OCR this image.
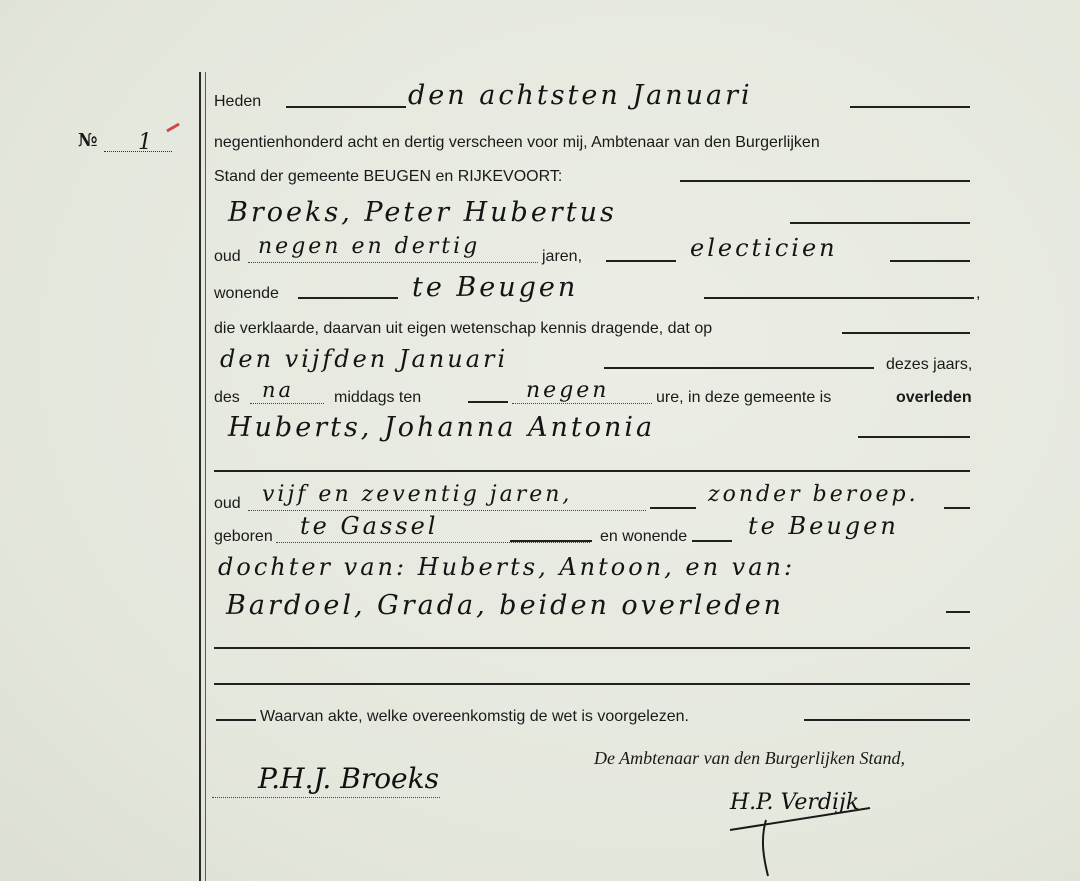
№ 1
Heden	den achtsten Januari
negentienhonderd acht en dertig verscheen voor mij, Ambtenaar van den Burgerlijken
Stand der gemeente BEUGEN en RIJKEVOORT:
Broeks, Peter Hubertus
oud negen en dertig	jaren,	electicien
wonende	te Beugen	,
die verklaarde, daarvan uit eigen wetenschap kennis dragende, dat op
den vijfden Januari	dezes jaars,
des na middags ten	negen	ure, in deze gemeente is	overleden
Huberts, Johanna Antonia
oud vijf en zeventig jaren,	zonder beroep.
geboren te Gassel	en wonende	te Beugen
dochter van: Huberts, Antoon, en van:
Bardoel, Grada, beiden overleden
Waarvan akte, welke overeenkomstig de wet is voorgelezen.
De Ambtenaar van den Burgerlijken Stand,
P.H.J. Broeks
H.P. Verdijk
